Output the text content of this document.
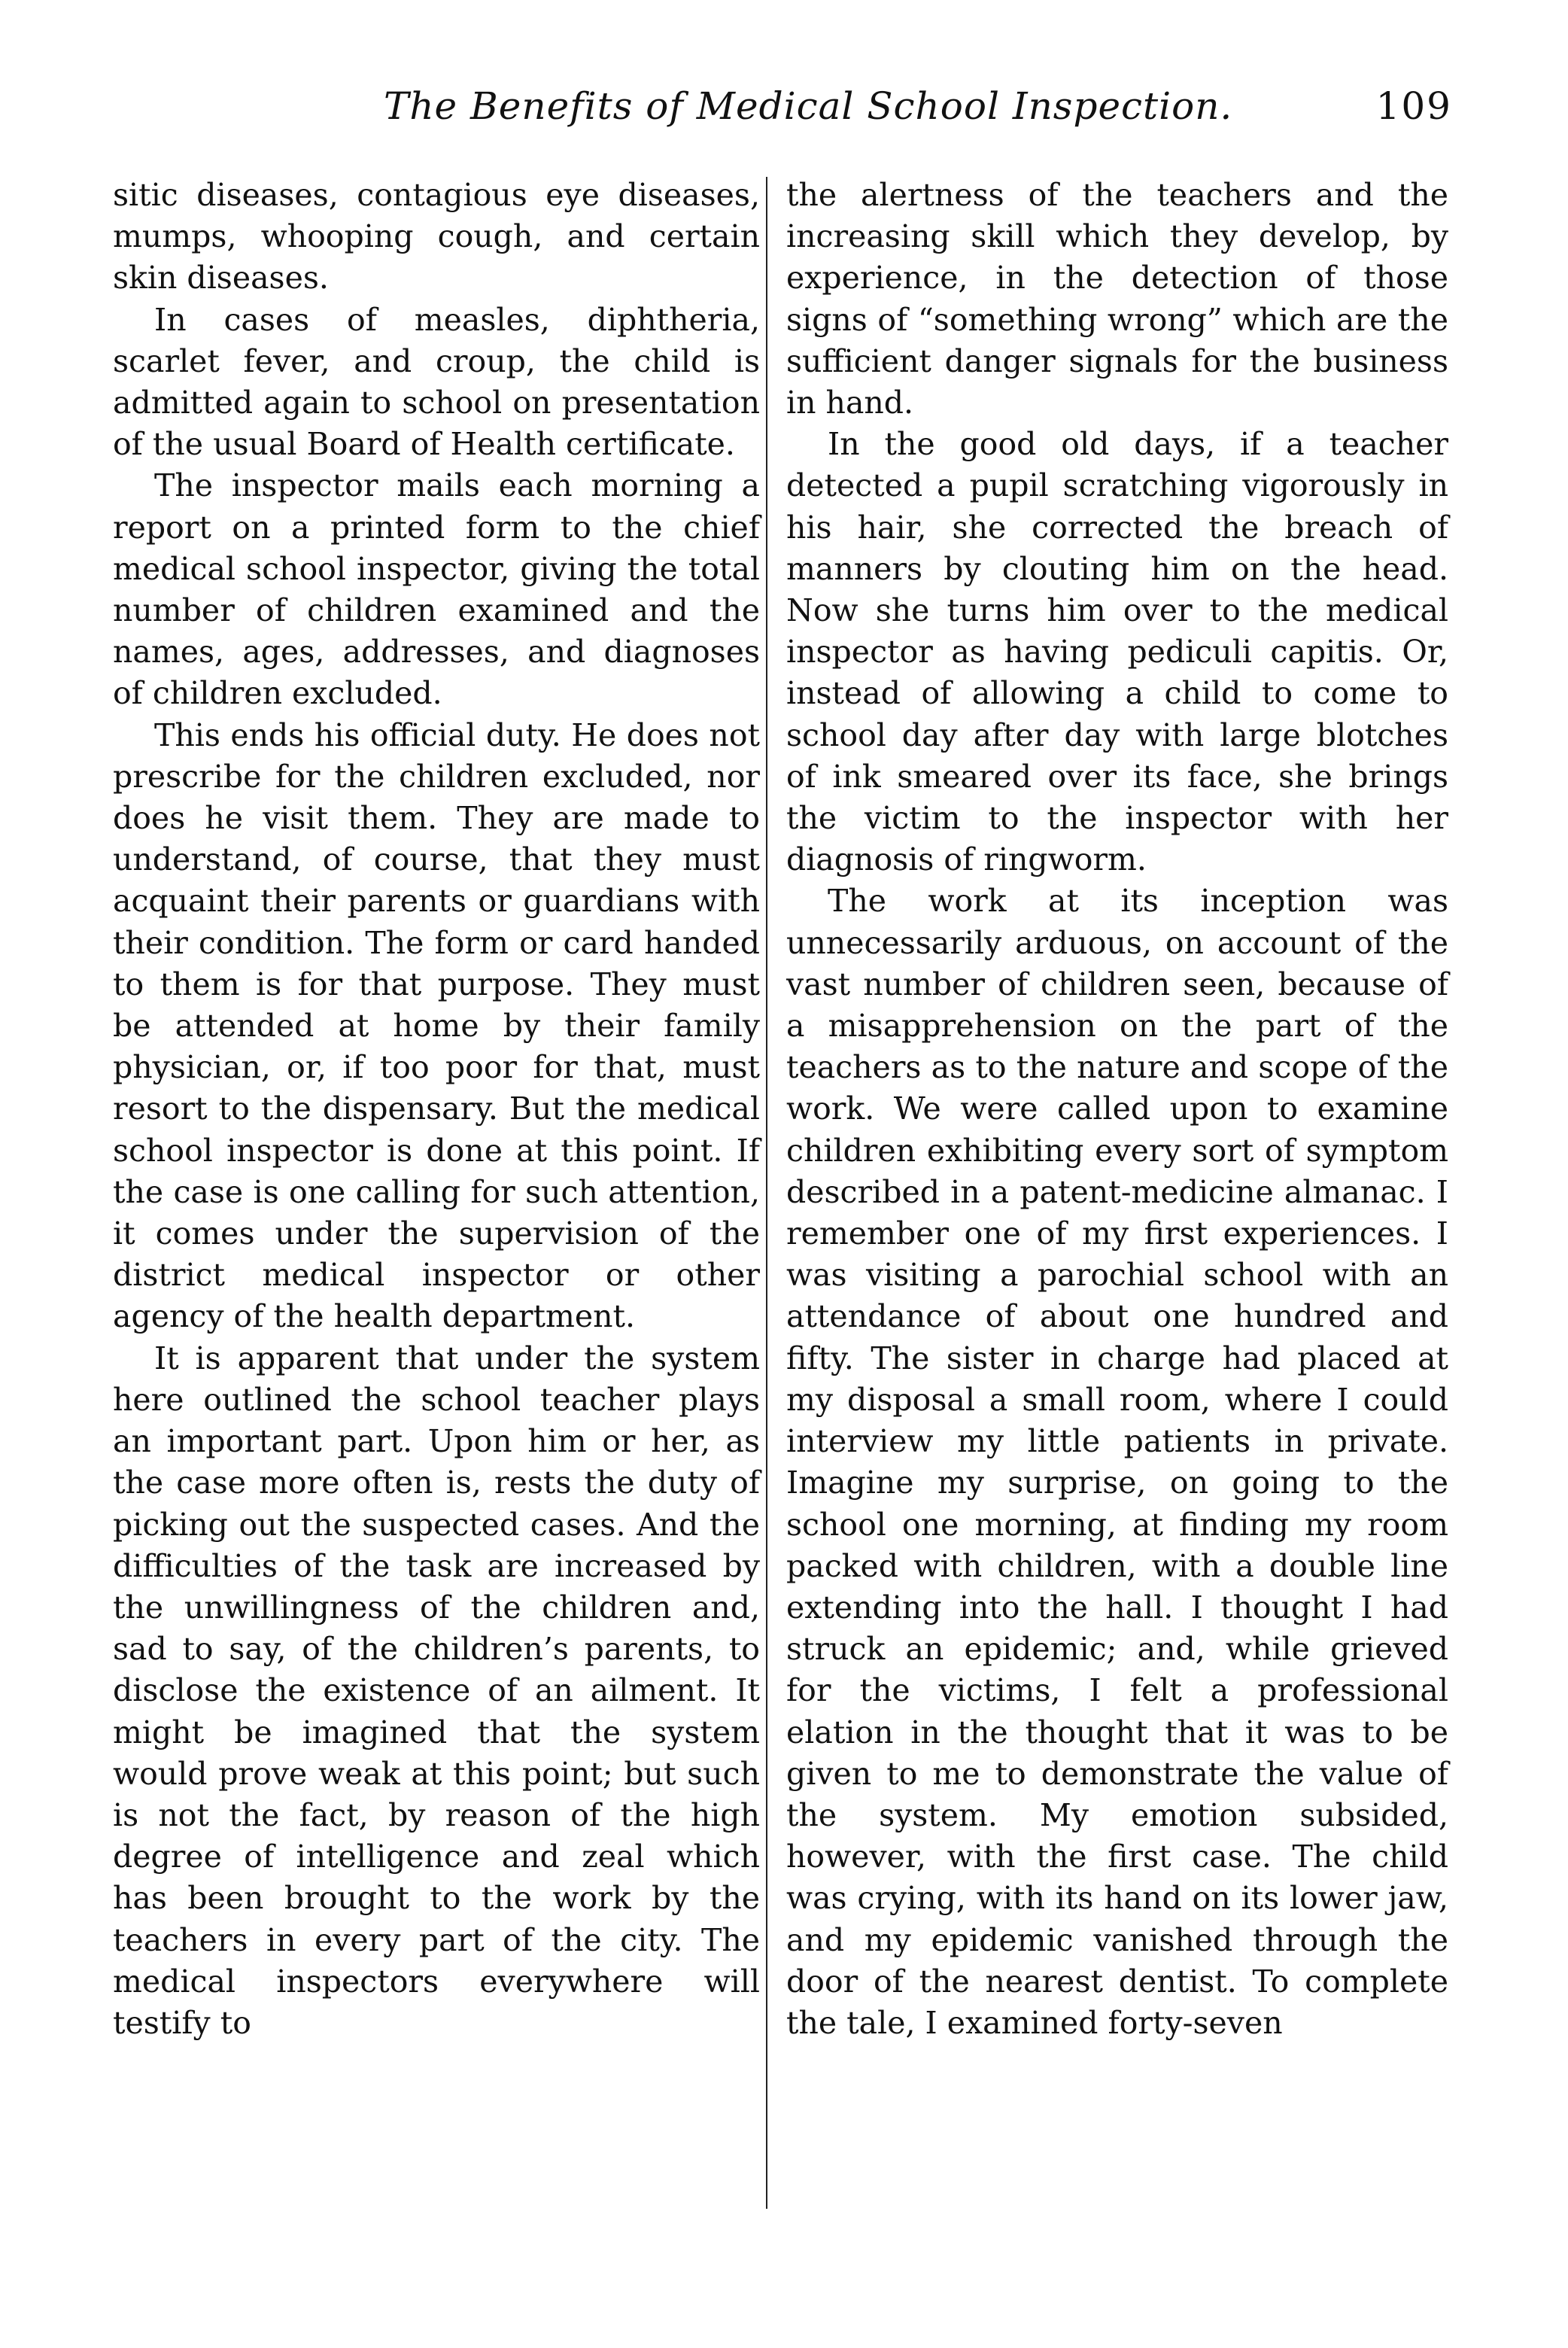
The Benefits of Medical School Inspection.	109

sitic diseases, contagious eye diseases, mumps, whooping cough, and certain skin diseases.

In cases of measles, diphtheria, scarlet fever, and croup, the child is admitted again to school on presentation of the usual Board of Health certificate.

The inspector mails each morning a report on a printed form to the chief medical school inspector, giving the total number of children examined and the names, ages, addresses, and diagnoses of children excluded.

This ends his official duty. He does not prescribe for the children excluded, nor does he visit them. They are made to understand, of course, that they must acquaint their parents or guardians with their condition. The form or card handed to them is for that purpose. They must be attended at home by their family physician, or, if too poor for that, must resort to the dispensary. But the medical school inspector is done at this point. If the case is one calling for such attention, it comes under the supervision of the district medical inspector or other agency of the health department.

It is apparent that under the system here outlined the school teacher plays an important part. Upon him or her, as the case more often is, rests the duty of picking out the suspected cases. And the difficulties of the task are increased by the unwillingness of the children and, sad to say, of the children’s parents, to disclose the existence of an ailment. It might be imagined that the system would prove weak at this point; but such is not the fact, by reason of the high degree of intelligence and zeal which has been brought to the work by the teachers in every part of the city. The medical inspectors everywhere will testify to

the alertness of the teachers and the increasing skill which they develop, by experience, in the detection of those signs of “something wrong” which are the sufficient danger signals for the business in hand.

In the good old days, if a teacher detected a pupil scratching vigorously in his hair, she corrected the breach of manners by clouting him on the head. Now she turns him over to the medical inspector as having pediculi capitis. Or, instead of allowing a child to come to school day after day with large blotches of ink smeared over its face, she brings the victim to the inspector with her diagnosis of ringworm.

The work at its inception was unnecessarily arduous, on account of the vast number of children seen, because of a misapprehension on the part of the teachers as to the nature and scope of the work. We were called upon to examine children exhibiting every sort of symptom described in a patent-medicine almanac. I remember one of my first experiences. I was visiting a parochial school with an attendance of about one hundred and fifty. The sister in charge had placed at my disposal a small room, where I could interview my little patients in private. Imagine my surprise, on going to the school one morning, at finding my room packed with children, with a double line extending into the hall. I thought I had struck an epidemic; and, while grieved for the victims, I felt a professional elation in the thought that it was to be given to me to demonstrate the value of the system. My emotion subsided, however, with the first case. The child was crying, with its hand on its lower jaw, and my epidemic vanished through the door of the nearest dentist. To complete the tale, I examined forty-seven
